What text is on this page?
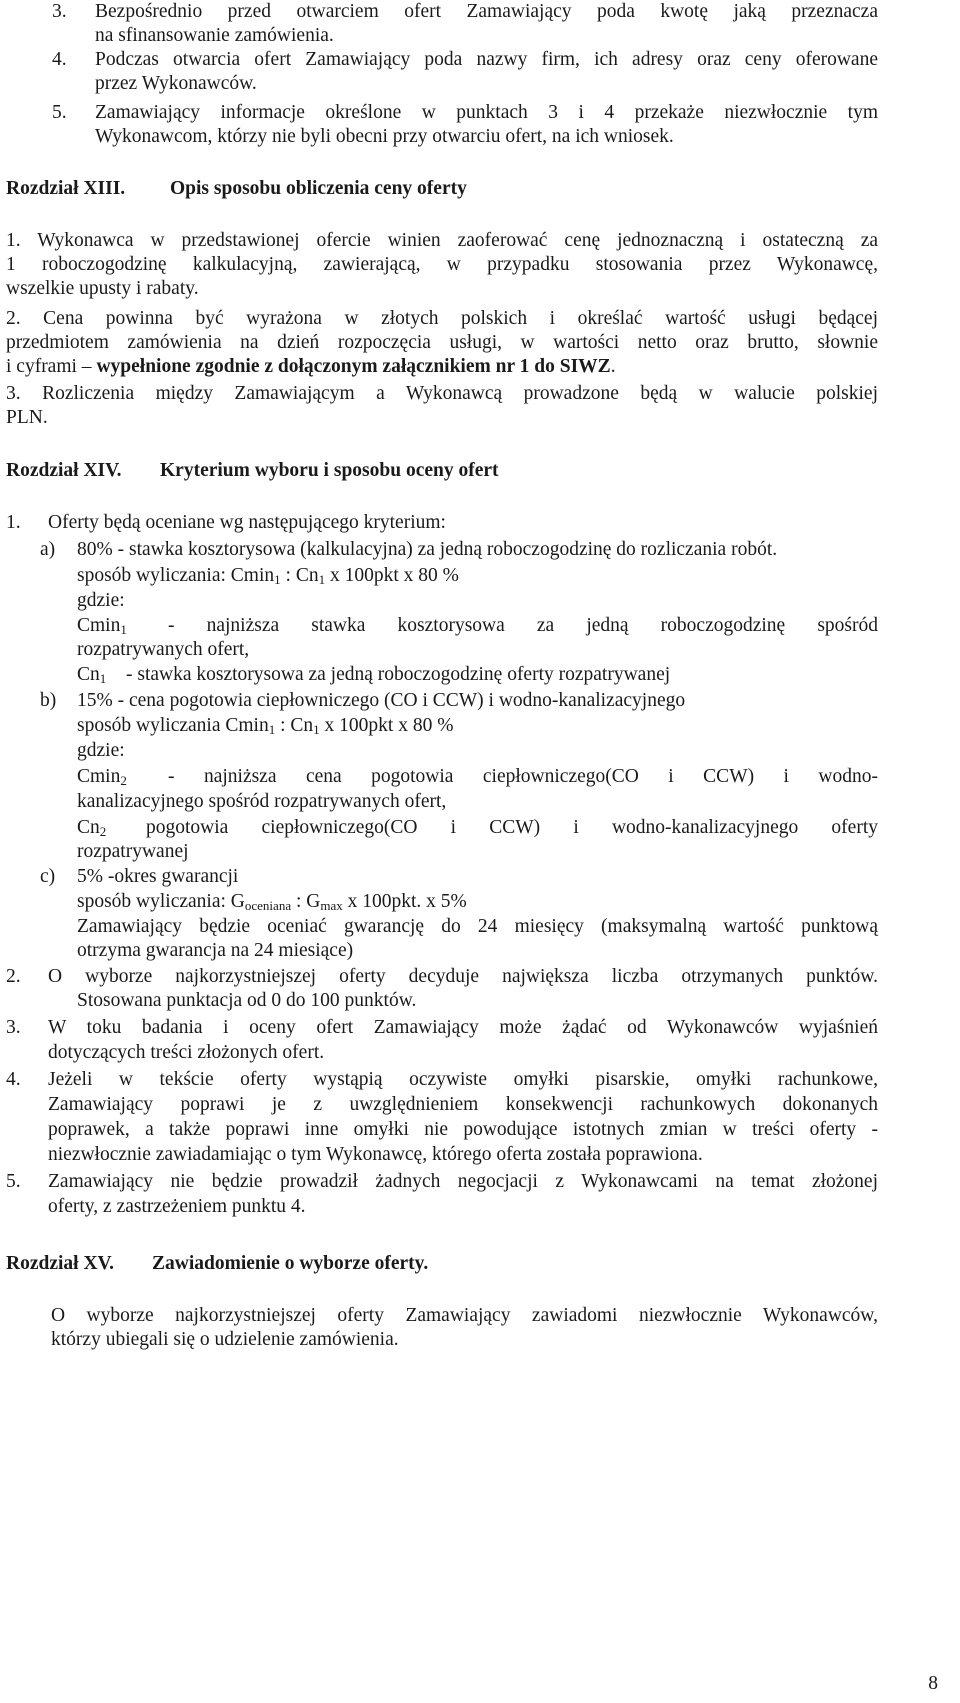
3. Bezpośrednio przed otwarciem ofert Zamawiający poda kwotę jaką przeznacza
na sfinansowanie zamówienia.
4. Podczas otwarcia ofert Zamawiający poda nazwy firm, ich adresy oraz ceny oferowane
przez Wykonawców.
5. Zamawiający informacje określone w punktach 3 i 4 przekaże niezwłocznie tym
Wykonawcom, którzy nie byli obecni przy otwarciu ofert, na ich wniosek.
Rozdział XIII. Opis sposobu obliczenia ceny oferty
1. Wykonawca w przedstawionej ofercie winien zaoferować cenę jednoznaczną i ostateczną za
1 roboczogodzinę kalkulacyjną, zawierającą, w przypadku stosowania przez Wykonawcę,
wszelkie upusty i rabaty.
2. Cena powinna być wyrażona w złotych polskich i określać wartość usługi będącej
przedmiotem zamówienia na dzień rozpoczęcia usługi, w wartości netto oraz brutto, słownie
i cyframi – wypełnione zgodnie z dołączonym załącznikiem nr 1 do SIWZ.
3. Rozliczenia między Zamawiającym a Wykonawcą prowadzone będą w walucie polskiej
PLN.
Rozdział XIV. Kryterium wyboru i sposobu oceny ofert
1. Oferty będą oceniane wg następującego kryterium:
a) 80% - stawka kosztorysowa (kalkulacyjna) za jedną roboczogodzinę do rozliczania robót.
sposób wyliczania: Cmin$_1$ : $Cn_1$ x 100pkt x 80 %
gdzie:
Cmin$_1$ - najniższa stawka kosztorysowa za jedną roboczogodzinę spośród
rozpatrywanych ofert,
$Cn_1$ - stawka kosztorysowa za jedną roboczogodzinę oferty rozpatrywanej
b) 15% - cena pogotowia ciepłowniczego (CO i CCW) i wodno-kanalizacyjnego
sposób wyliczania Cmin$_1$ : $Cn_1$ x 100pkt x 80 %
gdzie:
Cmin$_2$ - najniższa cena pogotowia ciepłowniczego(CO i CCW) i wodno-
kanalizacyjnego spośród rozpatrywanych ofert,
$Cn_2$ pogotowia ciepłowniczego(CO i CCW) i wodno-kanalizacyjnego oferty
rozpatrywanej
c) 5% -okres gwarancji
sposób wyliczania: $G_{oceniana}$ : $G_{max}$ x 100pkt. x 5%
Zamawiający będzie oceniać gwarancję do 24 miesięcy (maksymalną wartość punktową
otrzyma gwarancja na 24 miesiące)
2. O wyborze najkorzystniejszej oferty decyduje największa liczba otrzymanych punktów.
Stosowana punktacja od 0 do 100 punktów.
3. W toku badania i oceny ofert Zamawiający może żądać od Wykonawców wyjaśnień
dotyczących treści złożonych ofert.
4. Jeżeli w tekście oferty wystąpią oczywiste omyłki pisarskie, omyłki rachunkowe,
Zamawiający poprawi je z uwzględnieniem konsekwencji rachunkowych dokonanych
poprawek, a także poprawi inne omyłki nie powodujące istotnych zmian w treści oferty -
niezwłocznie zawiadamiając o tym Wykonawcę, którego oferta została poprawiona.
5. Zamawiający nie będzie prowadził żadnych negocjacji z Wykonawcami na temat złożonej
oferty, z zastrzeżeniem punktu 4.
Rozdział XV. Zawiadomienie o wyborze oferty.
O wyborze najkorzystniejszej oferty Zamawiający zawiadomi niezwłocznie Wykonawców,
którzy ubiegali się o udzielenie zamówienia.
8
